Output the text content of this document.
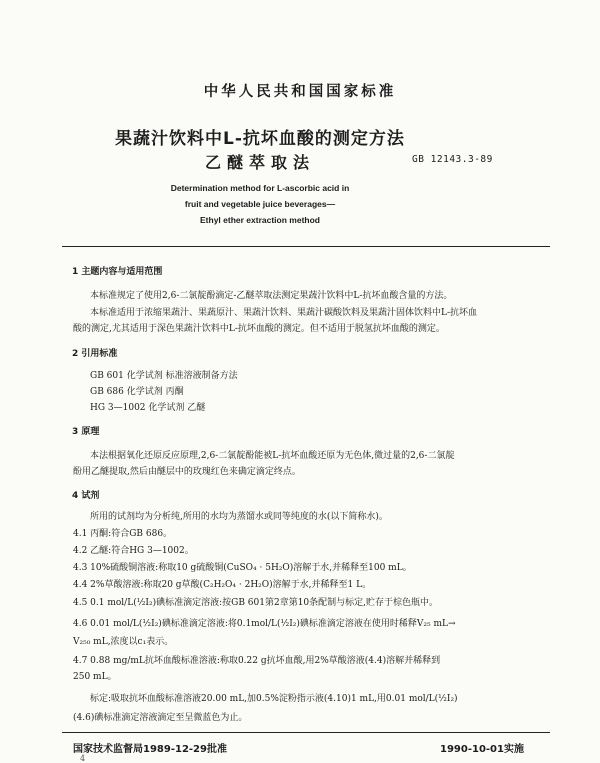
中华人民共和国国家标准
果蔬汁饮料中L-抗坏血酸的测定方法
乙醚萃取法	GB 12143.3-89
Determination method for L-ascorbic acid in
fruit and vegetable juice beverages—
Ethyl ether extraction method
1 主题内容与适用范围
本标准规定了使用2,6-二氯靛酚滴定-乙醚萃取法测定果蔬汁饮料中L-抗坏血酸含量的方法。
本标准适用于浓缩果蔬汁、果蔬原汁、果蔬汁饮料、果蔬汁碳酸饮料及果蔬汁固体饮料中L-抗坏血
酸的测定,尤其适用于深色果蔬汁饮料中L-抗坏血酸的测定。但不适用于脱氢抗坏血酸的测定。
2 引用标准
GB 601 化学试剂 标准溶液制备方法
GB 686 化学试剂 丙酮
HG 3—1002 化学试剂 乙醚
3 原理
本法根据氧化还原反应原理,2,6-二氯靛酚能被L-抗坏血酸还原为无色体,微过量的2,6-二氯靛
酚用乙醚提取,然后由醚层中的玫瑰红色来确定滴定终点。
4 试剂
所用的试剂均为分析纯,所用的水均为蒸馏水或同等纯度的水(以下简称水)。
4.1 丙酮:符合GB 686。
4.2 乙醚:符合HG 3—1002。
4.3 10%硫酸铜溶液:称取10 g硫酸铜(CuSO₄ · 5H₂O)溶解于水,并稀释至100 mL。
4.4 2%草酸溶液:称取20 g草酸(C₂H₂O₄ · 2H₂O)溶解于水,并稀释至1 L。
4.5 0.1 mol/L(½I₂)碘标准滴定溶液:按GB 601第2章第10条配制与标定,贮存于棕色瓶中。
4.6 0.01 mol/L(½I₂)碘标准滴定溶液:将0.1mol/L(½I₂)碘标准滴定溶液在使用时稀释V₂₅ mL→
V₂₅₀ mL,浓度以c₁表示。
4.7 0.88 mg/mL抗坏血酸标准溶液:称取0.22 g抗坏血酸,用2%草酸溶液(4.4)溶解并稀释到
250 mL。
标定:吸取抗坏血酸标准溶液20.00 mL,加0.5%淀粉指示液(4.10)1 mL,用0.01 mol/L(½I₂)
(4.6)碘标准滴定溶液滴定至呈微蓝色为止。
国家技术监督局1989-12-29批准	1990-10-01实施
4
